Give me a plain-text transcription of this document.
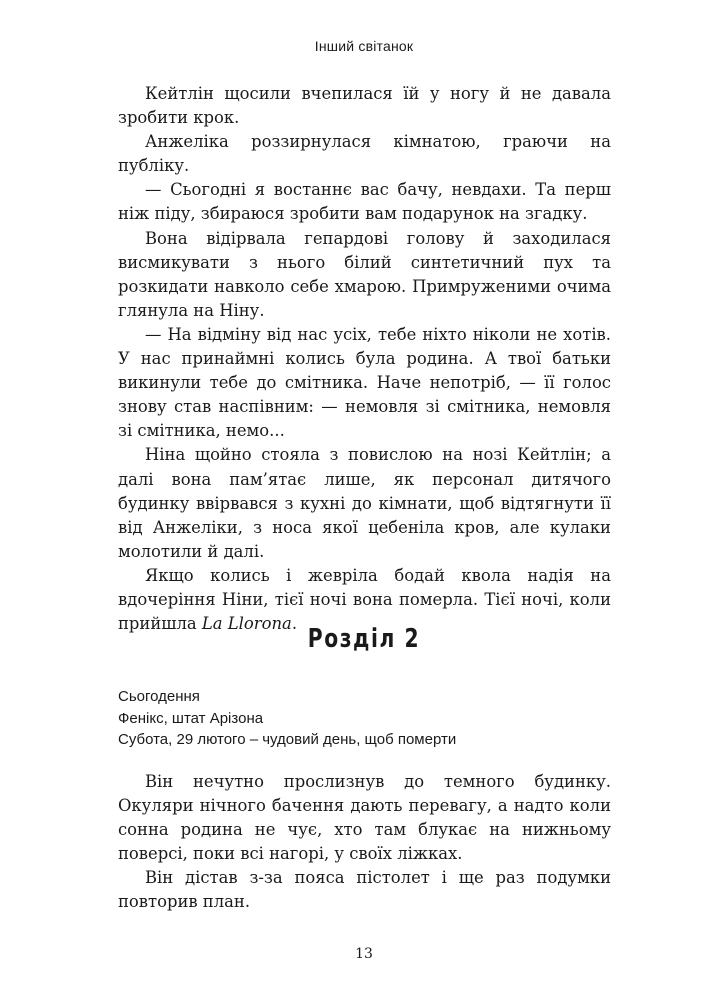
Інший світанок

Кейтлін щосили вчепилася їй у ногу й не давала зробити крок.

Анжеліка роззирнулася кімнатою, граючи на публіку.

— Сьогодні я востаннє вас бачу, невдахи. Та перш ніж піду, збираюся зробити вам подарунок на згадку.

Вона відірвала гепардові голову й заходилася висмикувати з нього білий синтетичний пух та розкидати навколо себе хмарою. Примруженими очима глянула на Ніну.

— На відміну від нас усіх, тебе ніхто ніколи не хотів. У нас принаймні колись була родина. А твої батьки викинули тебе до смітника. Наче непотріб, — її голос знову став наспівним: — немовля зі смітника, немовля зі смітника, немо...

Ніна щойно стояла з повислою на нозі Кейтлін; а далі вона пам’ятає лише, як персонал дитячого будинку ввірвався з кухні до кімнати, щоб відтягнути її від Анжеліки, з носа якої цебеніла кров, але кулаки молотили й далі.

Якщо колись і жевріла бодай квола надія на вдочеріння Ніни, тієї ночі вона померла. Тієї ночі, коли прийшла La Llorona.

Розділ 2
Сьогодення
Фенікс, штат Арізона
Субота, 29 лютого – чудовий день, щоб померти

Він нечутно прослизнув до темного будинку. Окуляри нічного бачення дають перевагу, а надто коли сонна родина не чує, хто там блукає на нижньому поверсі, поки всі нагорі, у своїх ліжках.

Він дістав з-за пояса пістолет і ще раз подумки повторив план.

13
